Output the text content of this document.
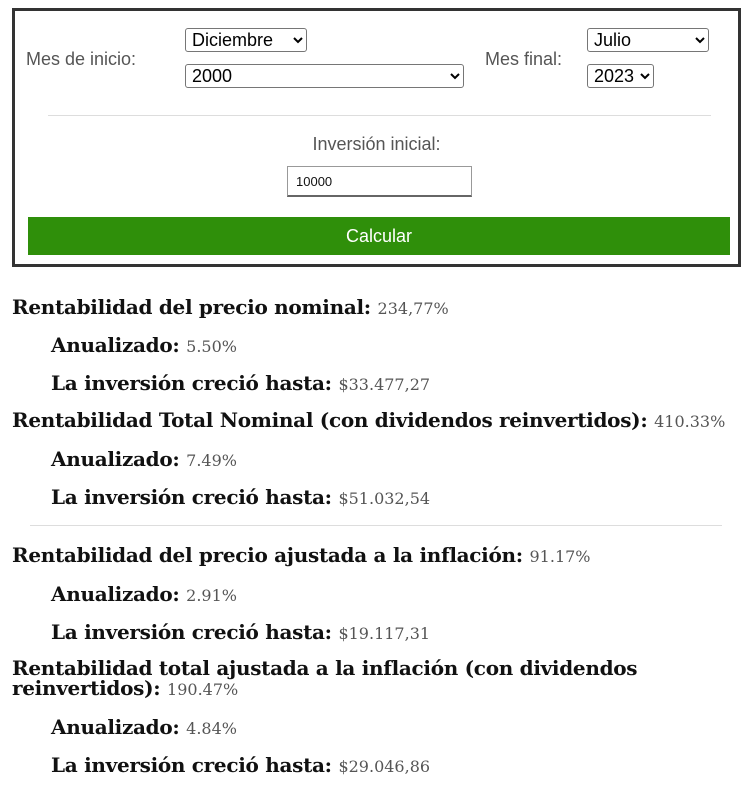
Mes de inicio:
Diciembre
2000	Mes final:
Julio
2023
Inversión inicial:
10000
Calcular
Rentabilidad del precio nominal: 234,77%
Anualizado: 5.50%
La inversión creció hasta: $33.477,27
Rentabilidad Total Nominal (con dividendos reinvertidos): 410.33%
Anualizado: 7.49%
La inversión creció hasta: $51.032,54
Rentabilidad del precio ajustada a la inflación: 91.17%
Anualizado: 2.91%
La inversión creció hasta: $19.117,31
Rentabilidad total ajustada a la inflación (con dividendos reinvertidos): 190.47%
Anualizado: 4.84%
La inversión creció hasta: $29.046,86
